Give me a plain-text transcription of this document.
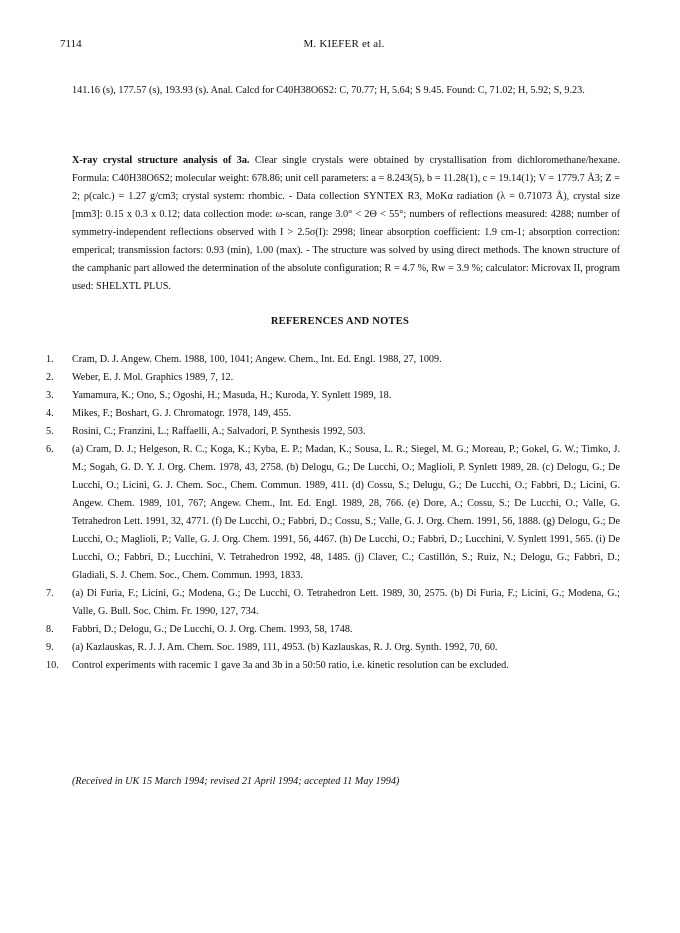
7114	M. KIEFER et al.

141.16 (s), 177.57 (s), 193.93 (s). Anal. Calcd for C40H38O6S2: C, 70.77; H, 5.64; S 9.45. Found: C, 71.02; H, 5.92; S, 9.23.

X-ray crystal structure analysis of 3a. Clear single crystals were obtained by crystallisation from dichloromethane/hexane. Formula: C40H38O6S2; molecular weight: 678.86; unit cell parameters: a = 8.243(5), b = 11.28(1), c = 19.14(1); V = 1779.7 Å3; Z = 2; ρ(calc.) = 1.27 g/cm3; crystal system: rhombic. - Data collection SYNTEX R3, MoKα radiation (λ = 0.71073 Å), crystal size [mm3]: 0.15 x 0.3 x 0.12; data collection mode: ω-scan, range 3.0° < 2Θ < 55°; numbers of reflections measured: 4288; number of symmetry-independent reflections observed with I > 2.5σ(I): 2998; linear absorption coefficient: 1.9 cm-1; absorption correction: emperical; transmission factors: 0.93 (min), 1.00 (max). - The structure was solved by using direct methods. The known structure of the camphanic part allowed the determination of the absolute configuration; R = 4.7 %, Rw = 3.9 %; calculator: Microvax II, program used: SHELXTL PLUS.

REFERENCES AND NOTES
1.	Cram, D. J. Angew. Chem. 1988, 100, 1041; Angew. Chem., Int. Ed. Engl. 1988, 27, 1009.
2.	Weber, E. J. Mol. Graphics 1989, 7, 12.
3.	Yamamura, K.; Ono, S.; Ogoshi, H.; Masuda, H.; Kuroda, Y. Synlett 1989, 18.
4.	Mikes, F.; Boshart, G. J. Chromatogr. 1978, 149, 455.
5.	Rosini, C.; Franzini, L.; Raffaelli, A.; Salvadori, P. Synthesis 1992, 503.
6.	(a) Cram, D. J.; Helgeson, R. C.; Koga, K.; Kyba, E. P.; Madan, K.; Sousa, L. R.; Siegel, M. G.; Moreau, P.; Gokel, G. W.; Timko, J. M.; Sogah, G. D. Y. J. Org. Chem. 1978, 43, 2758. (b) Delogu, G.; De Lucchi, O.; Maglioli, P. Synlett 1989, 28. (c) Delogu, G.; De Lucchi, O.; Licini, G. J. Chem. Soc., Chem. Commun. 1989, 411. (d) Cossu, S.; Delugu, G.; De Lucchi, O.; Fabbri, D.; Licini, G. Angew. Chem. 1989, 101, 767; Angew. Chem., Int. Ed. Engl. 1989, 28, 766. (e) Dore, A.; Cossu, S.; De Lucchi, O.; Valle, G. Tetrahedron Lett. 1991, 32, 4771. (f) De Lucchi, O.; Fabbri, D.; Cossu, S.; Valle, G. J. Org. Chem. 1991, 56, 1888. (g) Delogu, G.; De Lucchi, O.; Maglioli, P.; Valle, G. J. Org. Chem. 1991, 56, 4467. (h) De Lucchi, O.; Fabbri, D.; Lucchini, V. Synlett 1991, 565. (i) De Lucchi, O.; Fabbri, D.; Lucchini, V. Tetrahedron 1992, 48, 1485. (j) Claver, C.; Castillón, S.; Ruiz, N.; Delogu, G.; Fabbri, D.; Gladiali, S. J. Chem. Soc., Chem. Commun. 1993, 1833.
7.	(a) Di Furia, F.; Licini, G.; Modena, G.; De Lucchi, O. Tetrahedron Lett. 1989, 30, 2575. (b) Di Furia, F.; Licini, G.; Modena, G.; Valle, G. Bull. Soc. Chim. Fr. 1990, 127, 734.
8.	Fabbri, D.; Delogu, G.; De Lucchi, O. J. Org. Chem. 1993, 58, 1748.
9.	(a) Kazlauskas, R. J. J. Am. Chem. Soc. 1989, 111, 4953. (b) Kazlauskas, R. J. Org. Synth. 1992, 70, 60.
10.	Control experiments with racemic 1 gave 3a and 3b in a 50:50 ratio, i.e. kinetic resolution can be excluded.
(Received in UK 15 March 1994; revised 21 April 1994; accepted 11 May 1994)
